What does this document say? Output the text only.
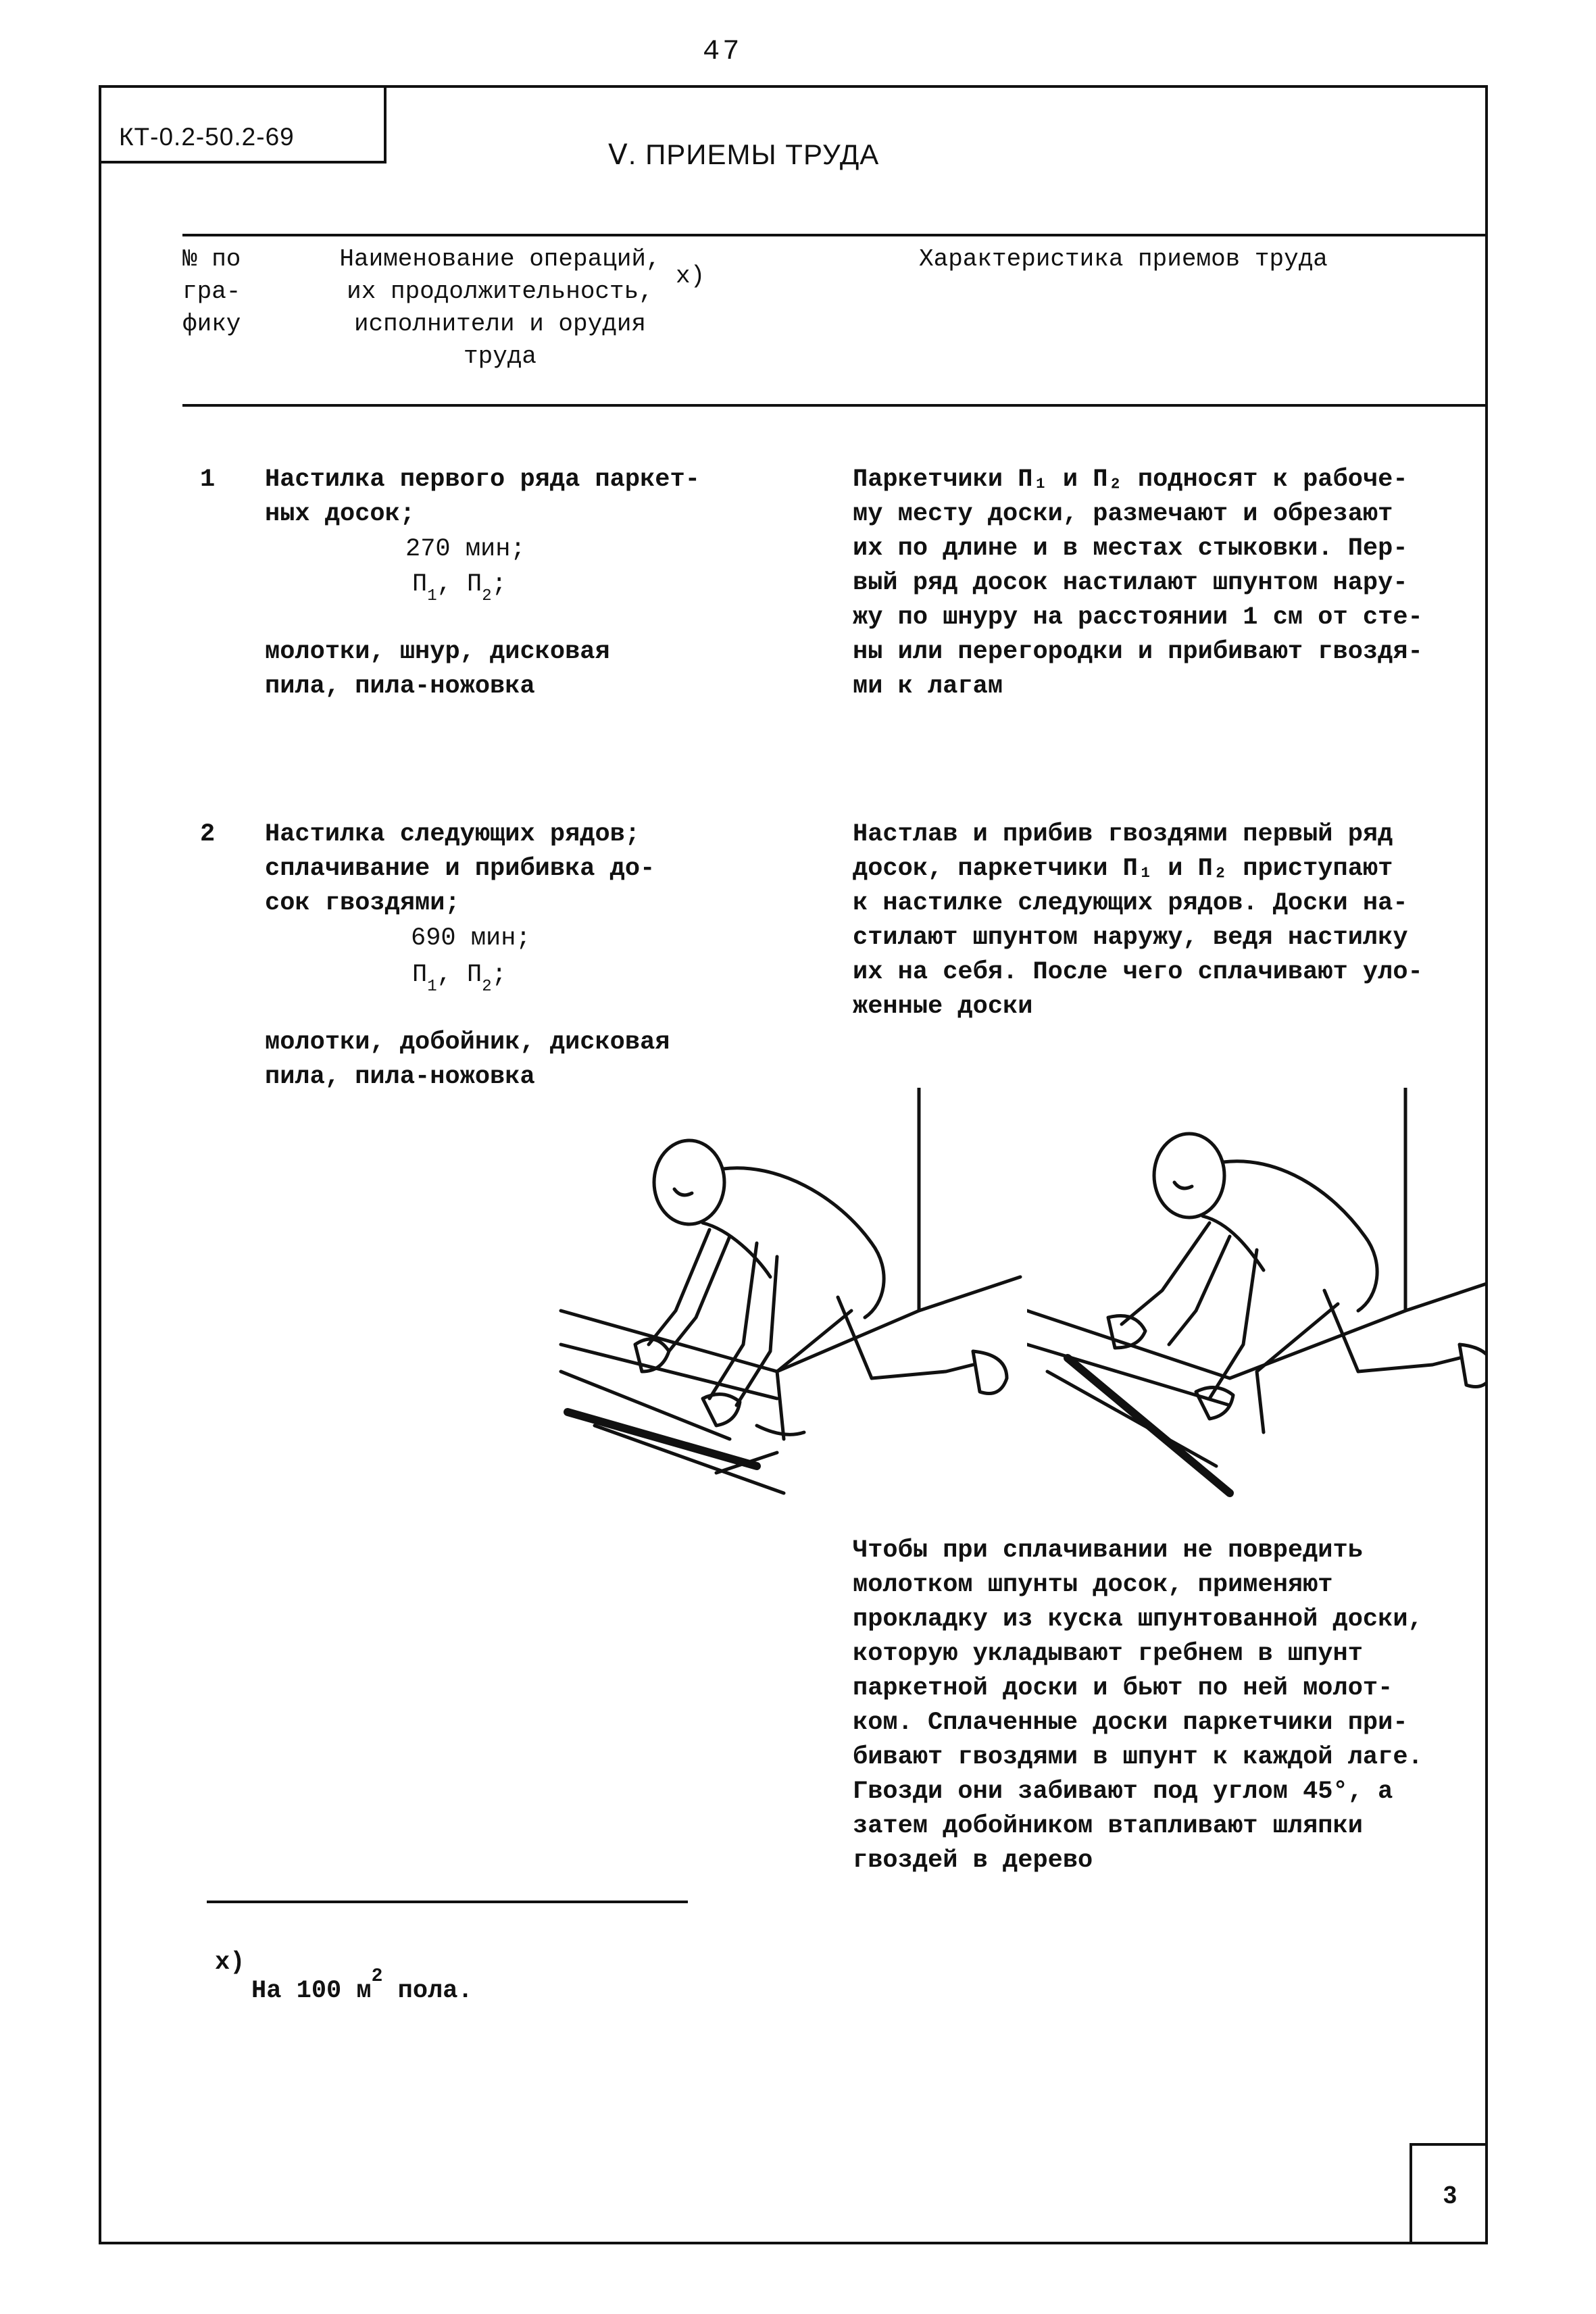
47
КТ-0.2-50.2-69
Ⅴ. ПРИЕМЫ ТРУДА
№ по
гра-
фику
Наименование операций,
их продолжительность,
исполнители и орудия
труда
х)
Характеристика приемов труда
1 Настилка первого ряда паркет-
ных досок;
270 мин;
$П_1$, $П_2$;
молотки, шнур, дисковая
пила, пила-ножовка
Паркетчики П₁ и П₂ подносят к рабоче-
му месту доски, размечают и обрезают
их по длине и в местах стыковки. Пер-
вый ряд досок настилают шпунтом нару-
жу по шнуру на расстоянии 1 см от сте-
ны или перегородки и прибивают гвоздя-
ми к лагам
2 Настилка следующих рядов;
сплачивание и прибивка до-
сок гвоздями;
690 мин;
$П_1$, $П_2$;
молотки, добойник, дисковая
пила, пила-ножовка
Настлав и прибив гвоздями первый ряд
досок, паркетчики П₁ и П₂ приступают
к настилке следующих рядов. Доски на-
стилают шпунтом наружу, ведя настилку
их на себя. После чего сплачивают уло-
женные доски
Чтобы при сплачивании не повредить
молотком шпунты досок, применяют
прокладку из куска шпунтованной доски,
которую укладывают гребнем в шпунт
паркетной доски и бьют по ней молот-
ком. Сплаченные доски паркетчики при-
бивают гвоздями в шпунт к каждой лаге.
Гвозди они забивают под углом 45°, а
затем добойником втапливают шляпки
гвоздей в дерево
х)
На 100 $м^2$ пола.
3
